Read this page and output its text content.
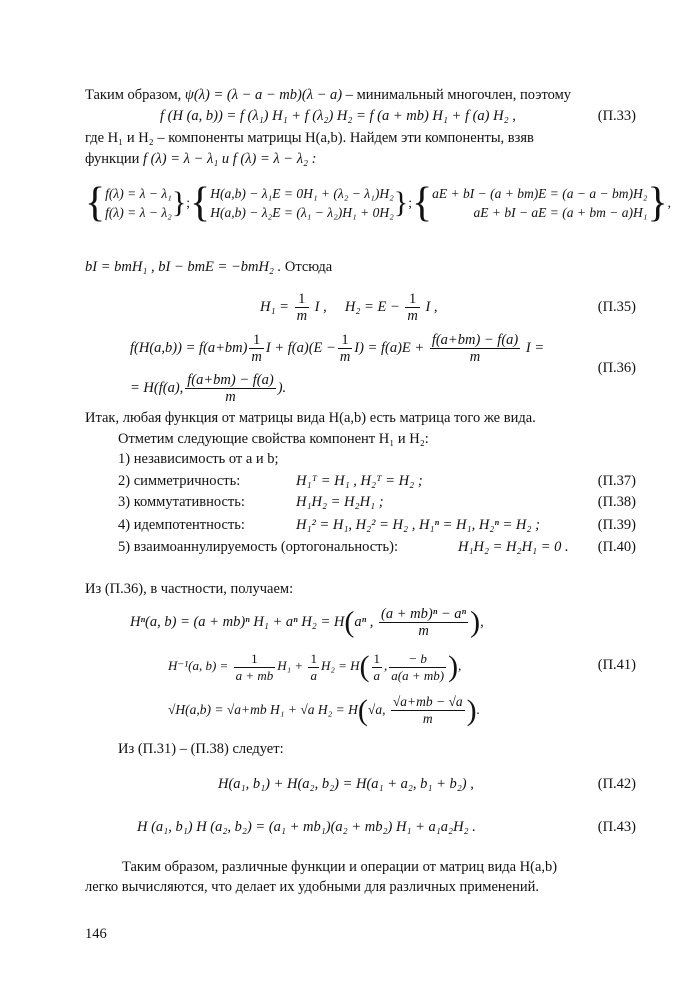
Таким образом, ψ(λ) = (λ − a − mb)(λ − a) – минимальный многочлен, поэтому
f (H (a, b)) = f (λ₁) H₁ + f (λ₂) H₂ = f (a + mb) H₁ + f (a) H₂ ,	(П.33)
где H₁ и H₂ – компоненты матрицы H(a,b). Найдем эти компоненты, взяв
функции f (λ) = λ − λ₁ и f (λ) = λ − λ₂ :
{ f(λ) = λ − λ₁
f(λ) = λ − λ₂ } ; { H(a,b) − λ₁E = 0H₁ + (λ₂ − λ₁)H₂
H(a,b) − λ₂E = (λ₁ − λ₂)H₁ + 0H₂ } ; { aE + bI − (a + bm)E = (a − a − bm)H₂
aE + bI − aE = (a + bm − a)H₁ } ,
bI = bmH₁ , bI − bmE = −bmH₂ . Отсюда
$H_1 = \frac{1}{m}$ I , $H_2 = E - \frac{1}{m}$ I ,	(П.35)
$f(H(a,b)) = f(a+bm) \frac{1}{m}$ $I + f(a)(E - \frac{1}{m} I) = f(a)E + \frac{f(a+bm) - f(a)}{m}$ I =
= H(f(a), $\frac{f(a+bm) - f(a)}{m}$ ).
(П.36)
Итак, любая функция от матрицы вида H(a,b) есть матрица того же вида.
Отметим следующие свойства компонент H₁ и H₂:
1) независимость от a и b;
2) симметричность:	H₁ᵀ = H₁ , H₂ᵀ = H₂ ;	(П.37)
3) коммутативность:	H₁H₂ = H₂H₁ ;	(П.38)
4) идемпотентность:	H₁² = H₁, H₂² = H₂ , H₁ⁿ = H₁, H₂ⁿ = H₂ ;	(П.39)
5) взаимоаннулируемость (ортогональность):	H₁H₂ = H₂H₁ = 0 . (П.40)
Из (П.36), в частности, получаем:
Hⁿ(a, b) = (a + mb)ⁿ H₁ + aⁿ H₂ = H(aⁿ , $\frac{\text{(a + mb)ⁿ − aⁿ}}{m}$ ),
H⁻¹(a, $b) = \frac{1}{a + mb} H_1 + \frac{1}{a} H_2 = H( \frac{1}{a}$ , $\frac{- b}{a(a + mb)}$ ),	(П.41)
√H(a,b) = √a+mb H₁ + √a H₂ = H(√a, $\frac{√a+mb - √a}{m}$ ).
Из (П.31) – (П.38) следует:
H(a₁, b₁) + H(a₂, b₂) = H(a₁ + a₂, b₁ + b₂) ,	(П.42)
H (a₁, b₁) H (a₂, b₂) = (a₁ + mb₁)(a₂ + mb₂) H₁ + a₁a₂H₂ .	(П.43)
Таким образом, различные функции и операции от матриц вида H(a,b)
легко вычисляются, что делает их удобными для различных применений.
146
